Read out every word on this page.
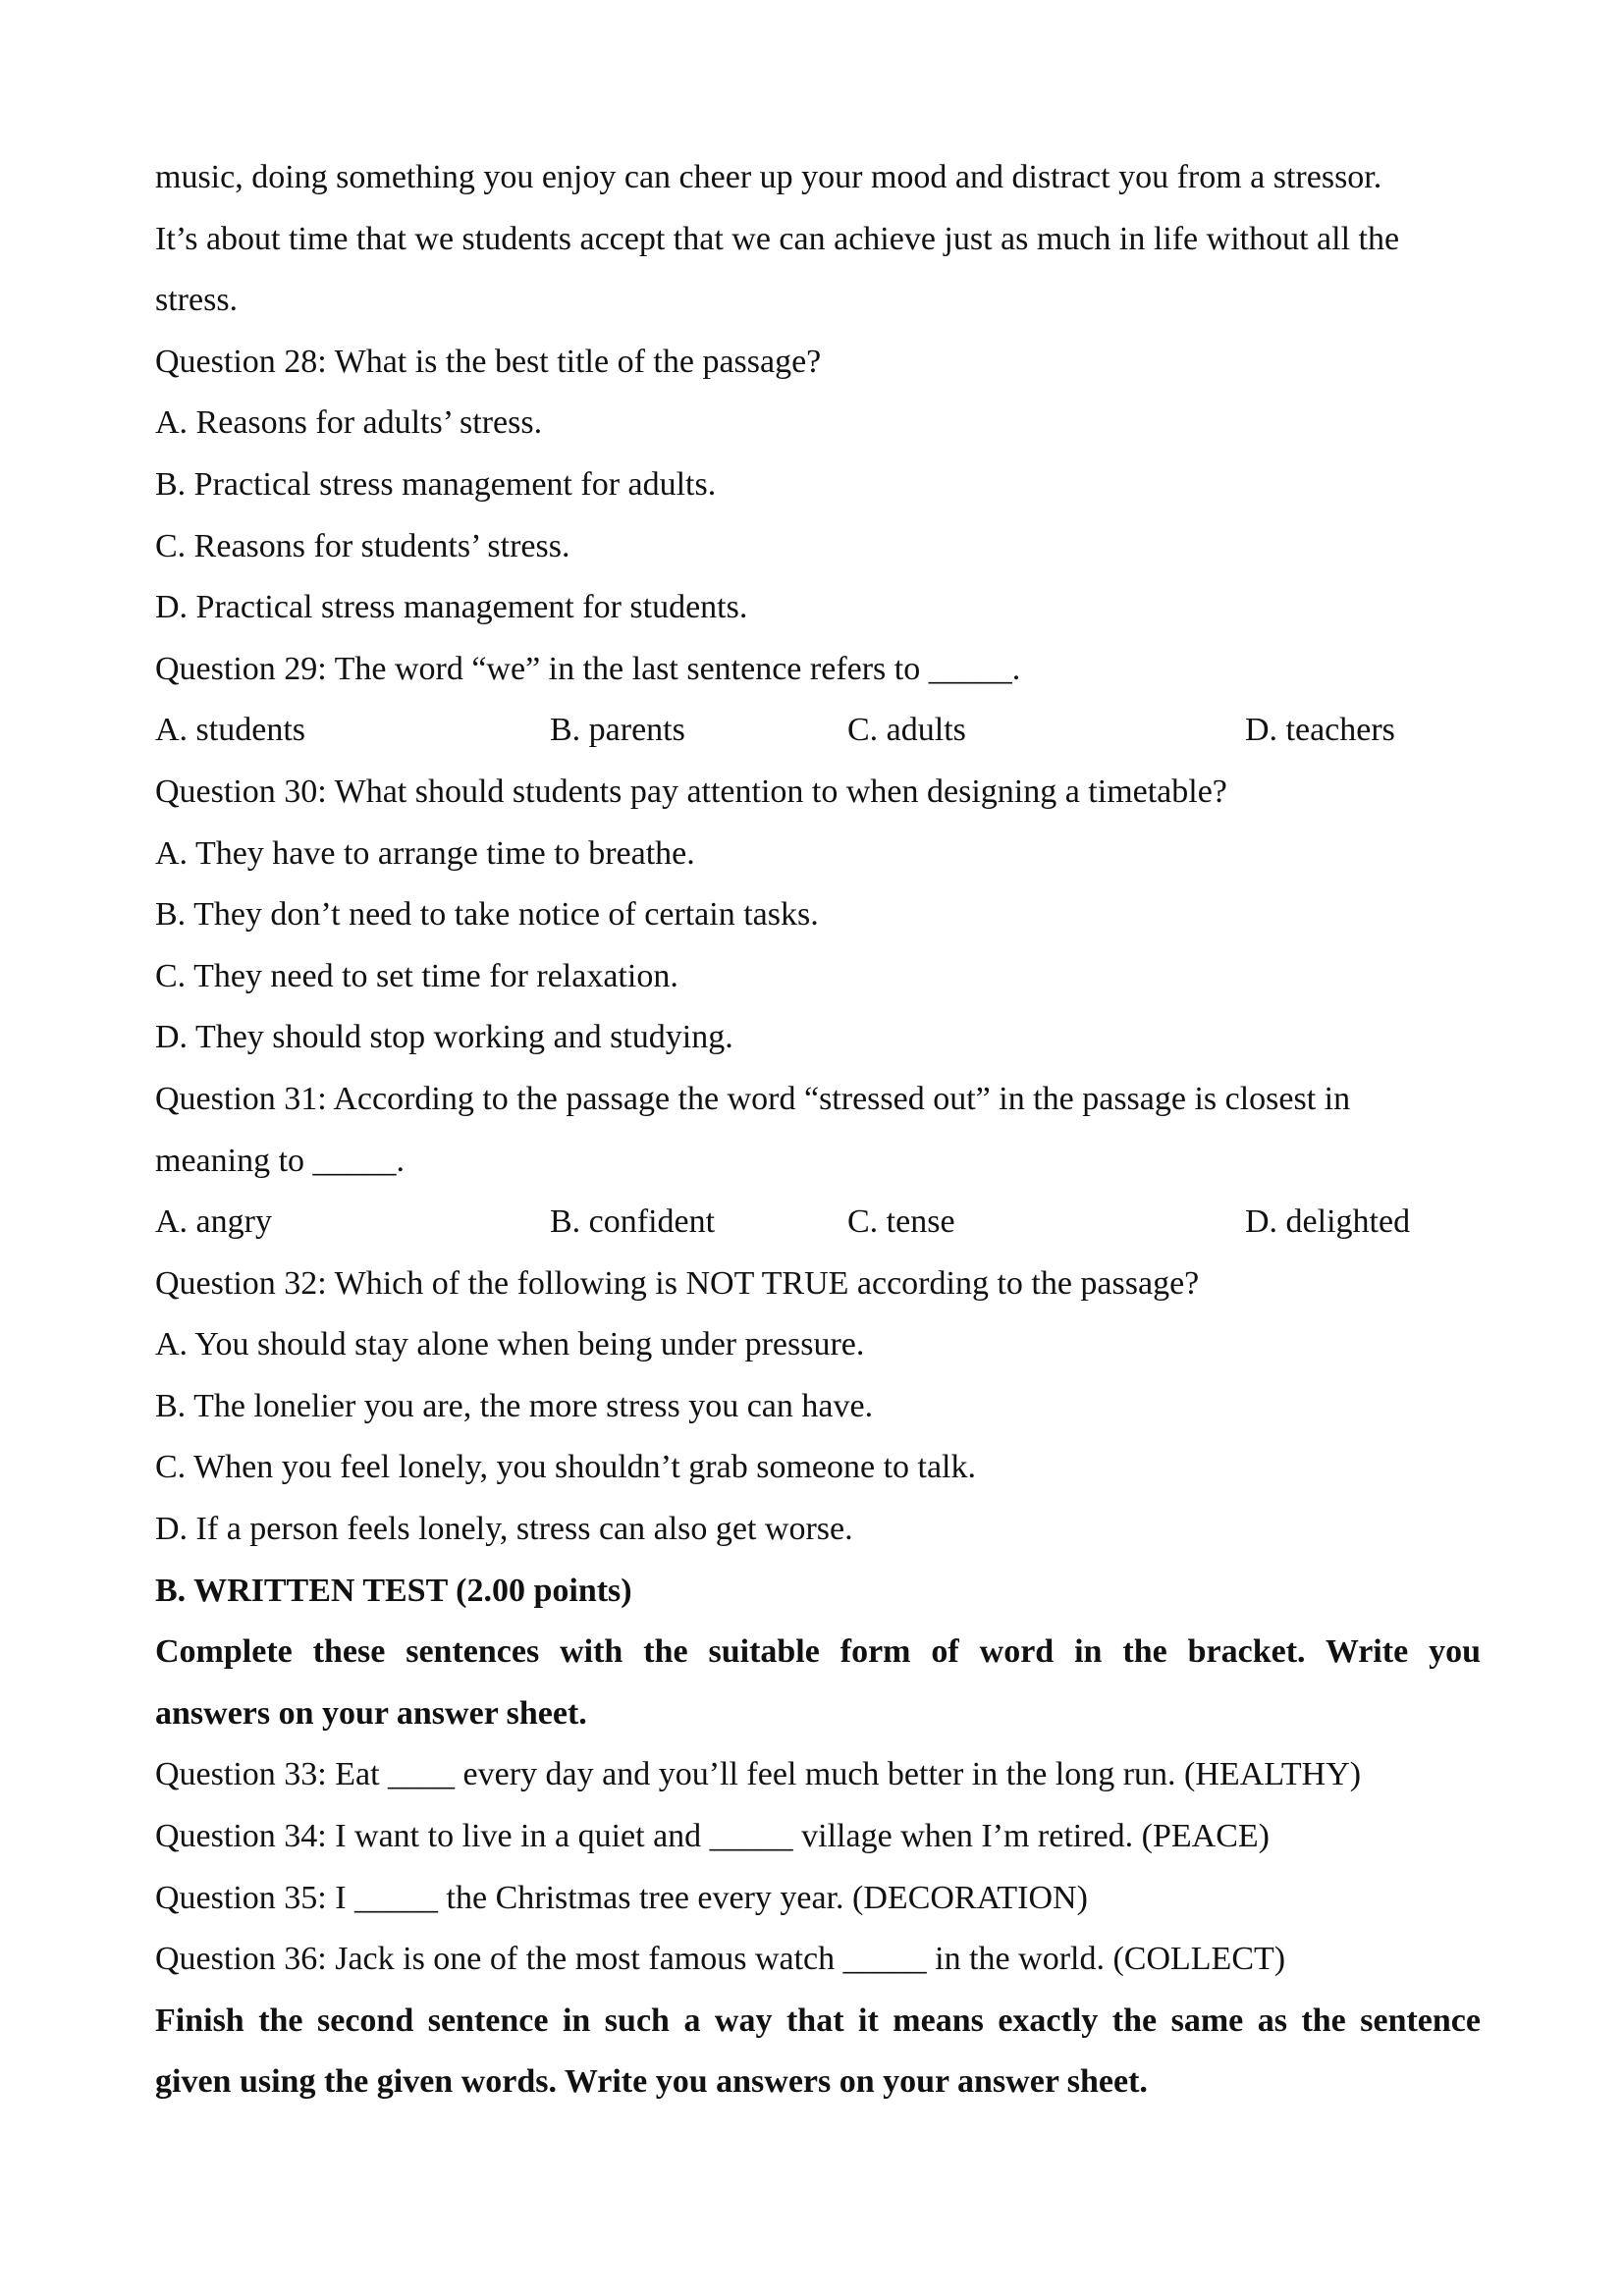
music, doing something you enjoy can cheer up your mood and distract you from a stressor.
It’s about time that we students accept that we can achieve just as much in life without all the
stress.
Question 28: What is the best title of the passage?
A. Reasons for adults’ stress.
B. Practical stress management for adults.
C. Reasons for students’ stress.
D. Practical stress management for students.
Question 29: The word “we” in the last sentence refers to _____.
A. students	B. parents	C. adults	D. teachers
Question 30: What should students pay attention to when designing a timetable?
A. They have to arrange time to breathe.
B. They don’t need to take notice of certain tasks.
C. They need to set time for relaxation.
D. They should stop working and studying.
Question 31: According to the passage the word “stressed out” in the passage is closest in
meaning to _____.
A. angry	B. confident	C. tense	D. delighted
Question 32: Which of the following is NOT TRUE according to the passage?
A. You should stay alone when being under pressure.
B. The lonelier you are, the more stress you can have.
C. When you feel lonely, you shouldn’t grab someone to talk.
D. If a person feels lonely, stress can also get worse.
B. WRITTEN TEST (2.00 points)
Complete these sentences with the suitable form of word in the bracket. Write you
answers on your answer sheet.
Question 33: Eat ____ every day and you’ll feel much better in the long run. (HEALTHY)
Question 34: I want to live in a quiet and _____ village when I’m retired. (PEACE)
Question 35: I _____ the Christmas tree every year. (DECORATION)
Question 36: Jack is one of the most famous watch _____ in the world. (COLLECT)
Finish the second sentence in such a way that it means exactly the same as the sentence
given using the given words. Write you answers on your answer sheet.
